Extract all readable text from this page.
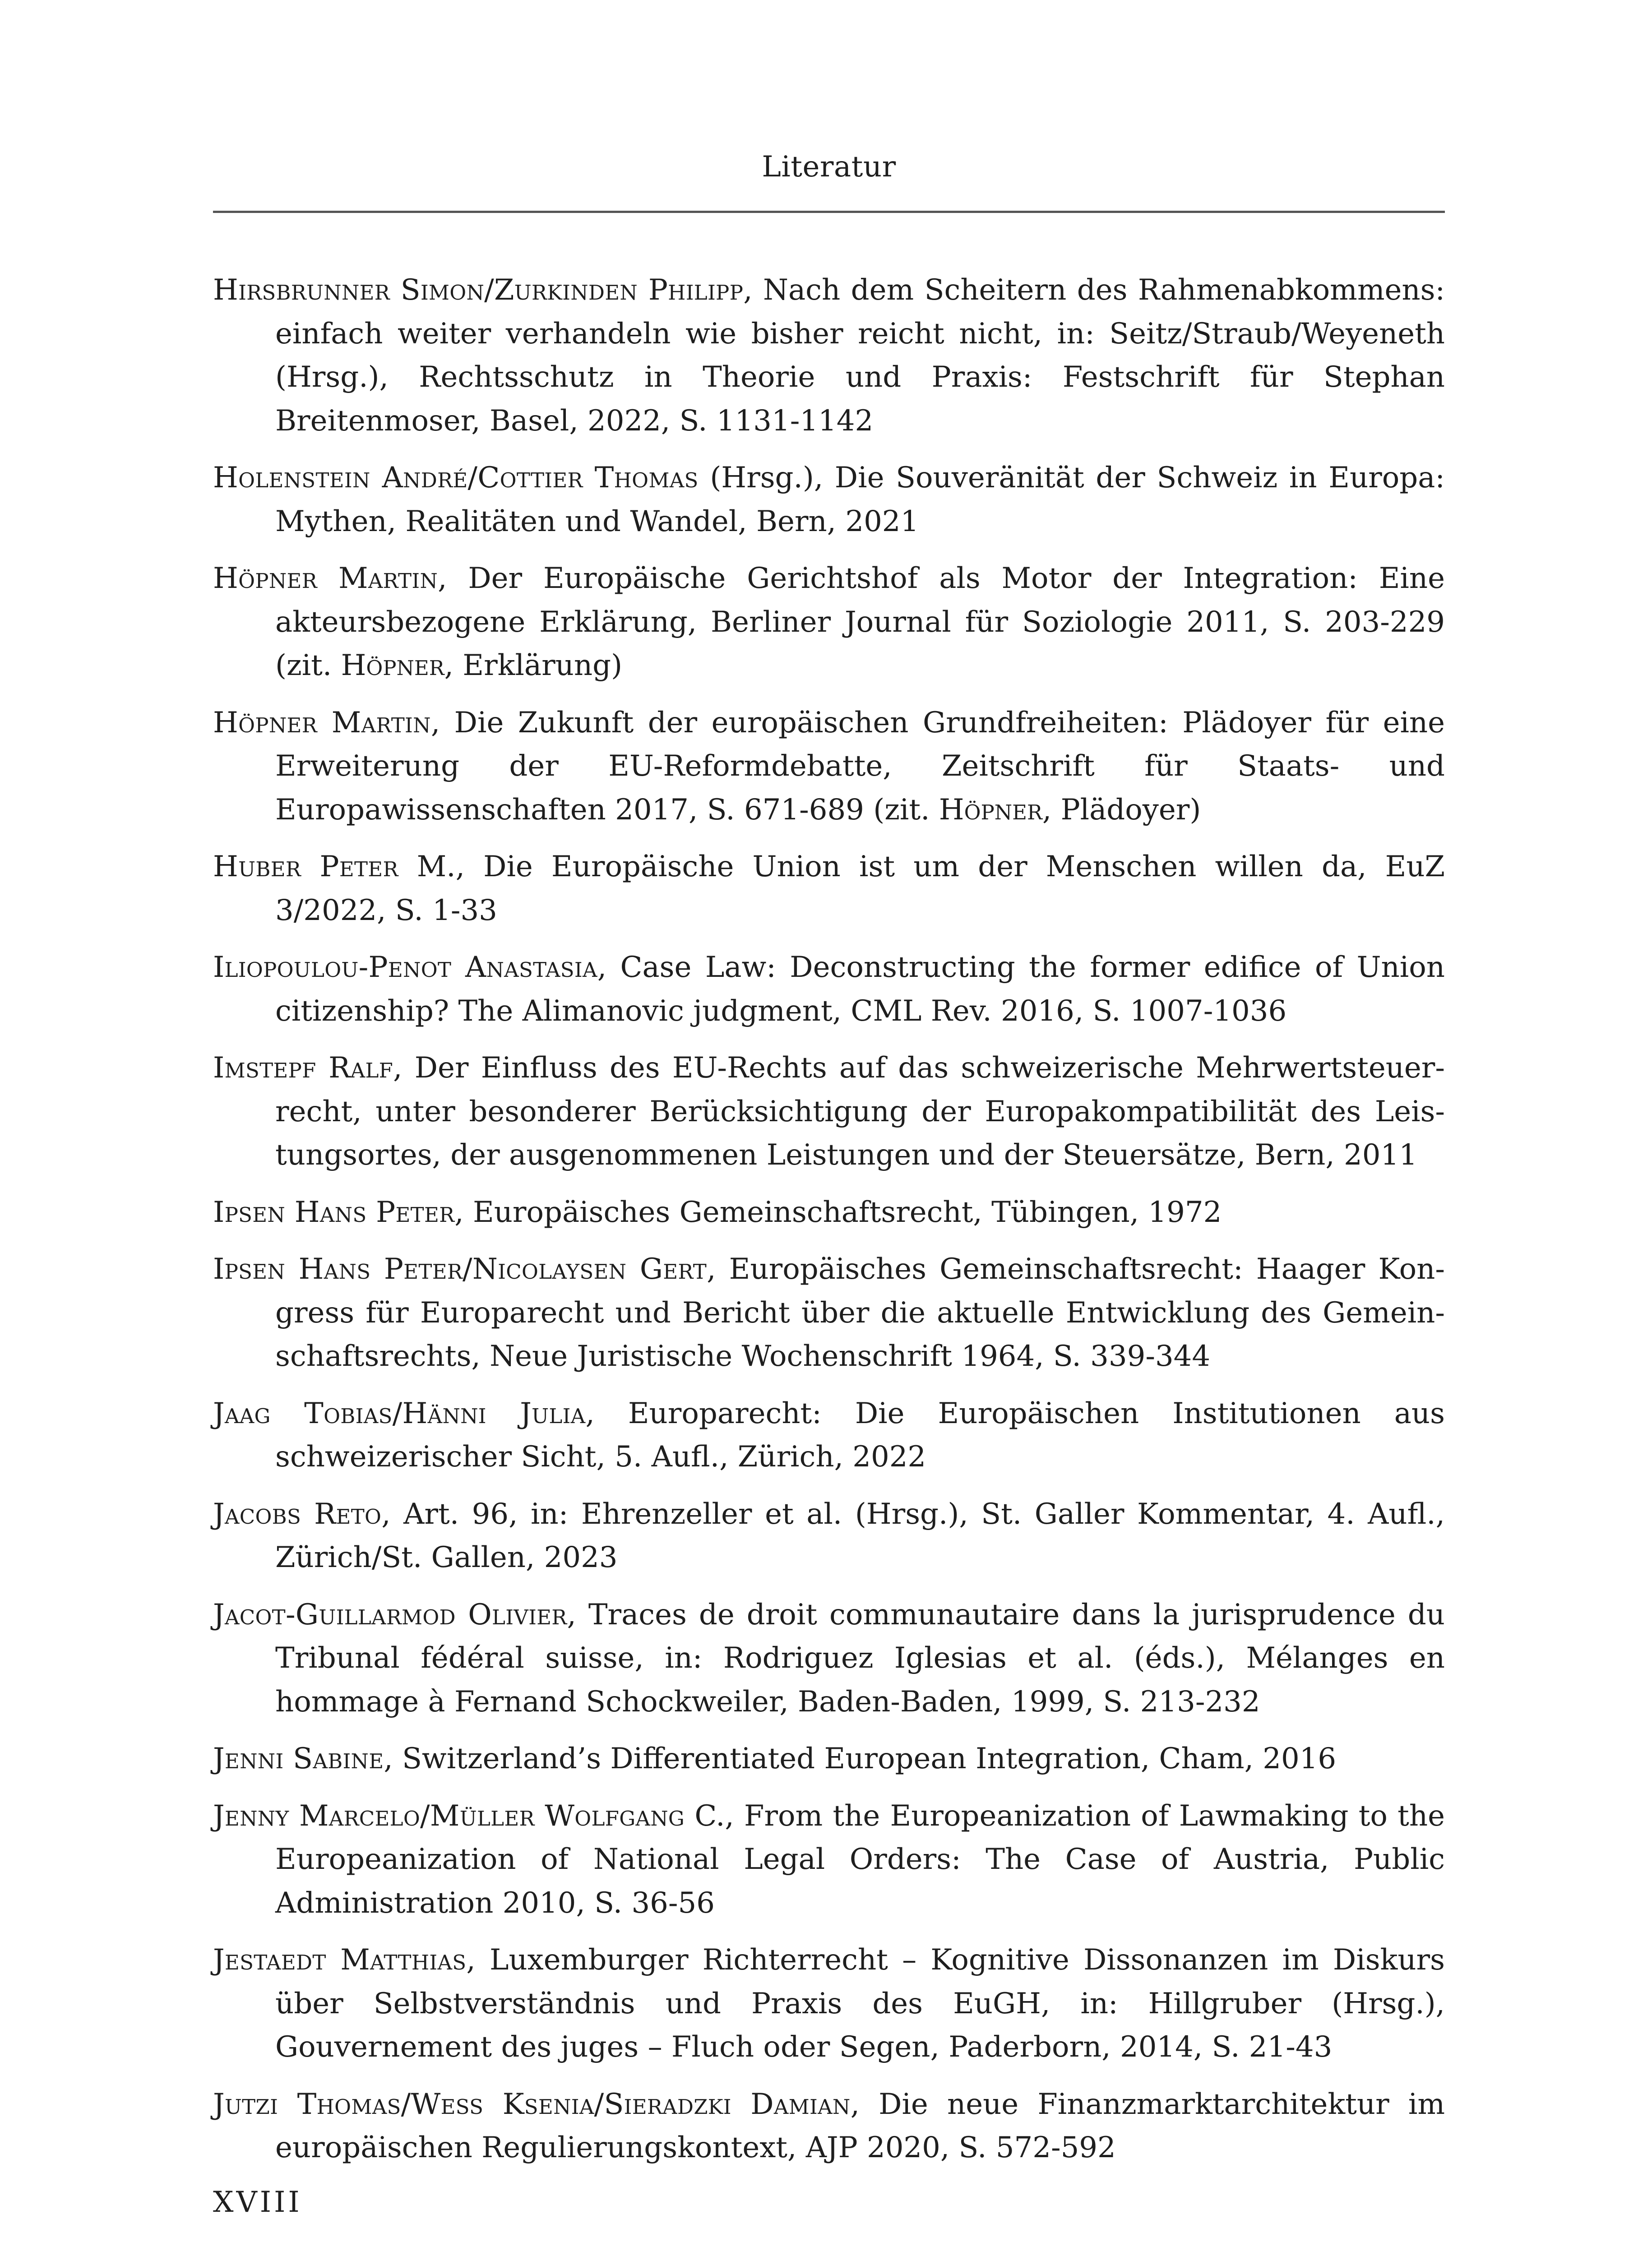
Literatur
Hirsbrunner Simon/Zurkinden Philipp, Nach dem Scheitern des Rahmenabkommens: einfach weiter verhandeln wie bisher reicht nicht, in: Seitz/Straub/Weyeneth (Hrsg.), Rechtsschutz in Theorie und Praxis: Festschrift für Stephan Breitenmoser, Basel, 2022, S. 1131-1142
Holenstein André/Cottier Thomas (Hrsg.), Die Souveränität der Schweiz in Europa: Mythen, Realitäten und Wandel, Bern, 2021
Höpner Martin, Der Europäische Gerichtshof als Motor der Integration: Eine akteursbezogene Erklärung, Berliner Journal für Soziologie 2011, S. 203-229 (zit. Höpner, Erklärung)
Höpner Martin, Die Zukunft der europäischen Grundfreiheiten: Plädoyer für eine Erweiterung der EU-Reformdebatte, Zeitschrift für Staats- und Europawissenschaften 2017, S. 671-689 (zit. Höpner, Plädoyer)
Huber Peter M., Die Europäische Union ist um der Menschen willen da, EuZ 3/2022, S. 1-33
Iliopoulou-Penot Anastasia, Case Law: Deconstructing the former edifice of Union citizenship? The Alimanovic judgment, CML Rev. 2016, S. 1007-1036
Imstepf Ralf, Der Einfluss des EU-Rechts auf das schweizerische Mehrwertsteuerrecht, unter besonderer Berücksichtigung der Europakompatibilität des Leistungsortes, der ausgenommenen Leistungen und der Steuersätze, Bern, 2011
Ipsen Hans Peter, Europäisches Gemeinschaftsrecht, Tübingen, 1972
Ipsen Hans Peter/Nicolaysen Gert, Europäisches Gemeinschaftsrecht: Haager Kongress für Europarecht und Bericht über die aktuelle Entwicklung des Gemeinschaftsrechts, Neue Juristische Wochenschrift 1964, S. 339-344
Jaag Tobias/Hänni Julia, Europarecht: Die Europäischen Institutionen aus schweizerischer Sicht, 5. Aufl., Zürich, 2022
Jacobs Reto, Art. 96, in: Ehrenzeller et al. (Hrsg.), St. Galler Kommentar, 4. Aufl., Zürich/St. Gallen, 2023
Jacot-Guillarmod Olivier, Traces de droit communautaire dans la jurisprudence du Tribunal fédéral suisse, in: Rodriguez Iglesias et al. (éds.), Mélanges en hommage à Fernand Schockweiler, Baden-Baden, 1999, S. 213-232
Jenni Sabine, Switzerland’s Differentiated European Integration, Cham, 2016
Jenny Marcelo/Müller Wolfgang C., From the Europeanization of Lawmaking to the Europeanization of National Legal Orders: The Case of Austria, Public Administration 2010, S. 36-56
Jestaedt Matthias, Luxemburger Richterrecht – Kognitive Dissonanzen im Diskurs über Selbstverständnis und Praxis des EuGH, in: Hillgruber (Hrsg.), Gouvernement des juges – Fluch oder Segen, Paderborn, 2014, S. 21-43
Jutzi Thomas/Wess Ksenia/Sieradzki Damian, Die neue Finanzmarktarchitektur im europäischen Regulierungskontext, AJP 2020, S. 572-592
XVIII
